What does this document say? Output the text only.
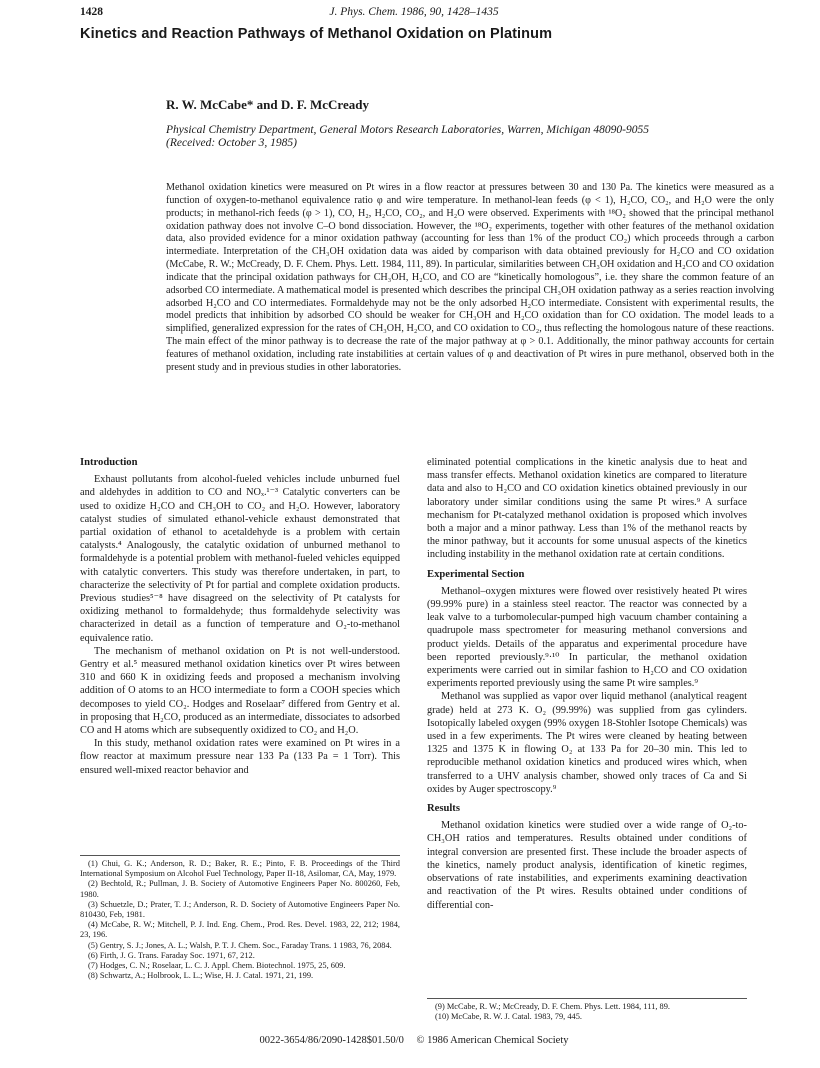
1428	J. Phys. Chem. 1986, 90, 1428–1435
Kinetics and Reaction Pathways of Methanol Oxidation on Platinum

R. W. McCabe* and D. F. McCready

Physical Chemistry Department, General Motors Research Laboratories, Warren, Michigan 48090-9055
(Received: October 3, 1985)

Methanol oxidation kinetics were measured on Pt wires in a flow reactor at pressures between 30 and 130 Pa. The kinetics were measured as a function of oxygen-to-methanol equivalence ratio φ and wire temperature. In methanol-lean feeds (φ < 1), H₂CO, CO₂, and H₂O were the only products; in methanol-rich feeds (φ > 1), CO, H₂, H₂CO, CO₂, and H₂O were observed. Experiments with ¹⁸O₂ showed that the principal methanol oxidation pathway does not involve C–O bond dissociation. However, the ¹⁸O₂ experiments, together with other features of the methanol oxidation data, also provided evidence for a minor oxidation pathway (accounting for less than 1% of the product CO₂) which proceeds through a carbon intermediate. Interpretation of the CH₃OH oxidation data was aided by comparison with data obtained previously for H₂CO and CO oxidation (McCabe, R. W.; McCready, D. F. Chem. Phys. Lett. 1984, 111, 89). In particular, similarities between CH₃OH oxidation and H₂CO and CO oxidation indicate that the principal oxidation pathways for CH₃OH, H₂CO, and CO are “kinetically homologous”, i.e. they share the common feature of an adsorbed CO intermediate. A mathematical model is presented which describes the principal CH₃OH oxidation pathway as a series reaction involving adsorbed H₂CO and CO intermediates. Formaldehyde may not be the only adsorbed H₂CO intermediate. Consistent with experimental results, the model predicts that inhibition by adsorbed CO should be weaker for CH₃OH and H₂CO oxidation than for CO oxidation. The model leads to a simplified, generalized expression for the rates of CH₃OH, H₂CO, and CO oxidation to CO₂, thus reflecting the homologous nature of these reactions. The main effect of the minor pathway is to decrease the rate of the major pathway at φ > 0.1. Additionally, the minor pathway accounts for certain features of methanol oxidation, including rate instabilities at certain values of φ and deactivation of Pt wires in pure methanol, observed both in the present study and in previous studies in other laboratories.

Introduction

Exhaust pollutants from alcohol-fueled vehicles include unburned fuel and aldehydes in addition to CO and NOₓ.¹⁻³ Catalytic converters can be used to oxidize H₂CO and CH₃OH to CO₂ and H₂O. However, laboratory catalyst studies of simulated ethanol-vehicle exhaust demonstrated that partial oxidation of ethanol to acetaldehyde is a problem with certain catalysts.⁴ Analogously, the catalytic oxidation of unburned methanol to formaldehyde is a potential problem with methanol-fueled vehicles equipped with catalytic converters. This study was therefore undertaken, in part, to characterize the selectivity of Pt for partial and complete oxidation products. Previous studies⁵⁻⁸ have disagreed on the selectivity of Pt catalysts for oxidizing methanol to formaldehyde; thus formaldehyde selectivity was characterized in detail as a function of temperature and O₂-to-methanol equivalence ratio.

The mechanism of methanol oxidation on Pt is not well-understood. Gentry et al.⁵ measured methanol oxidation kinetics over Pt wires between 310 and 660 K in oxidizing feeds and proposed a mechanism involving addition of O atoms to an HCO intermediate to form a COOH species which decomposes to yield CO₂. Hodges and Roselaar⁷ differed from Gentry et al. in proposing that H₂CO, produced as an intermediate, dissociates to adsorbed CO and H atoms which are subsequently oxidized to CO₂ and H₂O.

In this study, methanol oxidation rates were examined on Pt wires in a flow reactor at maximum pressure near 133 Pa (133 Pa = 1 Torr). This ensured well-mixed reactor behavior and

(1) Chui, G. K.; Anderson, R. D.; Baker, R. E.; Pinto, F. B. Proceedings of the Third International Symposium on Alcohol Fuel Technology, Paper II-18, Asilomar, CA, May, 1979.
(2) Bechtold, R.; Pullman, J. B. Society of Automotive Engineers Paper No. 800260, Feb, 1980.
(3) Schuetzle, D.; Prater, T. J.; Anderson, R. D. Society of Automotive Engineers Paper No. 810430, Feb, 1981.
(4) McCabe, R. W.; Mitchell, P. J. Ind. Eng. Chem., Prod. Res. Devel. 1983, 22, 212; 1984, 23, 196.
(5) Gentry, S. J.; Jones, A. L.; Walsh, P. T. J. Chem. Soc., Faraday Trans. 1 1983, 76, 2084.
(6) Firth, J. G. Trans. Faraday Soc. 1971, 67, 212.
(7) Hodges, C. N.; Roselaar, L. C. J. Appl. Chem. Biotechnol. 1975, 25, 609.
(8) Schwartz, A.; Holbrook, L. L.; Wise, H. J. Catal. 1971, 21, 199.

eliminated potential complications in the kinetic analysis due to heat and mass transfer effects. Methanol oxidation kinetics are compared to literature data and also to H₂CO and CO oxidation kinetics obtained previously in our laboratory under similar conditions using the same Pt wires.⁹ A surface mechanism for Pt-catalyzed methanol oxidation is proposed which involves both a major and a minor pathway. Less than 1% of the methanol reacts by the minor pathway, but it accounts for some unusual aspects of the kinetics including instability in the methanol oxidation rate at certain conditions.

Experimental Section

Methanol–oxygen mixtures were flowed over resistively heated Pt wires (99.99% pure) in a stainless steel reactor. The reactor was connected by a leak valve to a turbomolecular-pumped high vacuum chamber containing a quadrupole mass spectrometer for measuring methanol conversions and product yields. Details of the apparatus and experimental procedure have been reported previously.⁹·¹⁰ In particular, the methanol oxidation experiments were carried out in similar fashion to H₂CO and CO oxidation experiments reported previously using the same Pt wire samples.⁹

Methanol was supplied as vapor over liquid methanol (analytical reagent grade) held at 273 K. O₂ (99.99%) was supplied from gas cylinders. Isotopically labeled oxygen (99% oxygen 18-Stohler Isotope Chemicals) was used in a few experiments. The Pt wires were cleaned by heating between 1325 and 1375 K in flowing O₂ at 133 Pa for 20–30 min. This led to reproducible methanol oxidation kinetics and produced wires which, when transferred to a UHV analysis chamber, showed only traces of Ca and Si oxides by Auger spectroscopy.⁹

Results

Methanol oxidation kinetics were studied over a wide range of O₂-to-CH₃OH ratios and temperatures. Results obtained under conditions of integral conversion are presented first. These include the broader aspects of the kinetics, namely product analysis, identification of kinetic regimes, observations of rate instabilities, and experiments examining deactivation and reactivation of the Pt wires. Results obtained under conditions of differential con-

(9) McCabe, R. W.; McCready, D. F. Chem. Phys. Lett. 1984, 111, 89.
(10) McCabe, R. W. J. Catal. 1983, 79, 445.
0022-3654/86/2090-1428$01.50/0 © 1986 American Chemical Society
